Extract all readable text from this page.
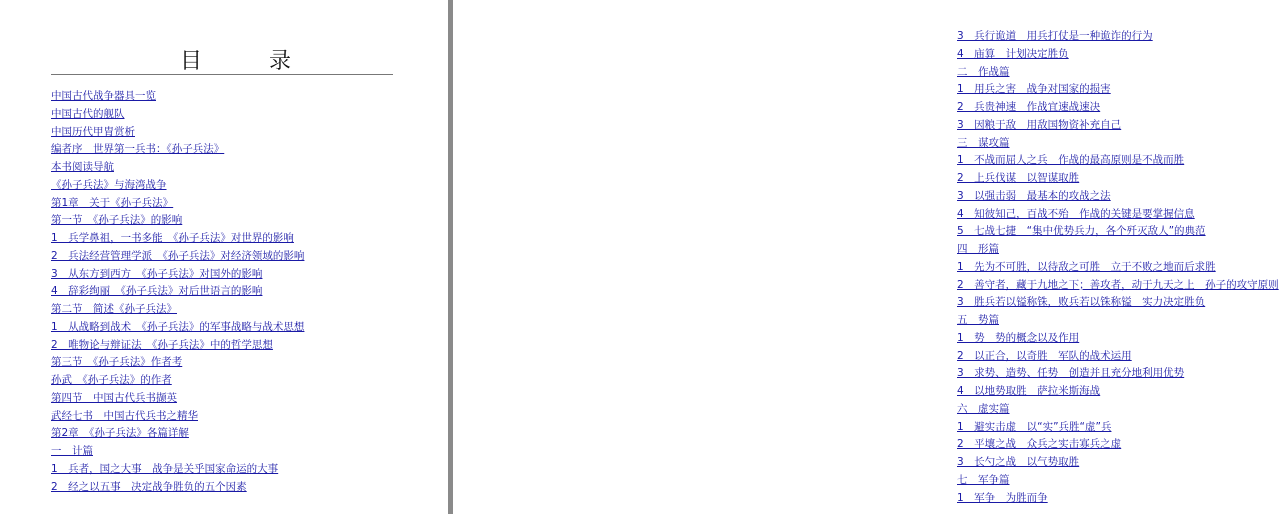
目 录
中国古代战争器具一览
中国古代的舰队
中国历代甲胄赏析
编者序　世界第一兵书：《孙子兵法》
本书阅读导航
《孙子兵法》与海湾战争
第1章　关于《孙子兵法》
第一节　《孙子兵法》的影响
1　兵学鼻祖，一书多能　《孙子兵法》对世界的影响
2　兵法经营管理学派　《孙子兵法》对经济领域的影响
3　从东方到西方　《孙子兵法》对国外的影响
4　辞彩绚丽　《孙子兵法》对后世语言的影响
第二节　简述《孙子兵法》
1　从战略到战术　《孙子兵法》的军事战略与战术思想
2　唯物论与辩证法　《孙子兵法》中的哲学思想
第三节　《孙子兵法》作者考
孙武　《孙子兵法》的作者
第四节　中国古代兵书撷英
武经七书　中国古代兵书之精华
第2章　《孙子兵法》各篇详解
一　计篇
1　兵者，国之大事　战争是关乎国家命运的大事
2　经之以五事　决定战争胜负的五个因素
3　兵行诡道　用兵打仗是一种诡诈的行为
4　庙算　计划决定胜负
二　作战篇
1　用兵之害　战争对国家的损害
2　兵贵神速　作战宜速战速决
3　因粮于敌　用敌国物资补充自己
三　谋攻篇
1　不战而屈人之兵　作战的最高原则是不战而胜
2　上兵伐谋　以智谋取胜
3　以强击弱　最基本的攻战之法
4　知彼知己，百战不殆　作战的关键是要掌握信息
5　七战七捷　“集中优势兵力，各个歼灭敌人”的典范
四　形篇
1　先为不可胜，以待敌之可胜　立于不败之地而后求胜
2　善守者，藏于九地之下；善攻者，动于九天之上　孙子的攻守原则
3　胜兵若以镒称铢，败兵若以铢称镒　实力决定胜负
五　势篇
1　势　势的概念以及作用
2　以正合，以奇胜　军队的战术运用
3　求势、造势、任势　创造并且充分地利用优势
4　以地势取胜　萨拉米斯海战
六　虚实篇
1　避实击虚　以“实”兵胜“虚”兵
2　平壤之战　众兵之实击寡兵之虚
3　长勺之战　以气势取胜
七　军争篇
1　军争　为胜而争
